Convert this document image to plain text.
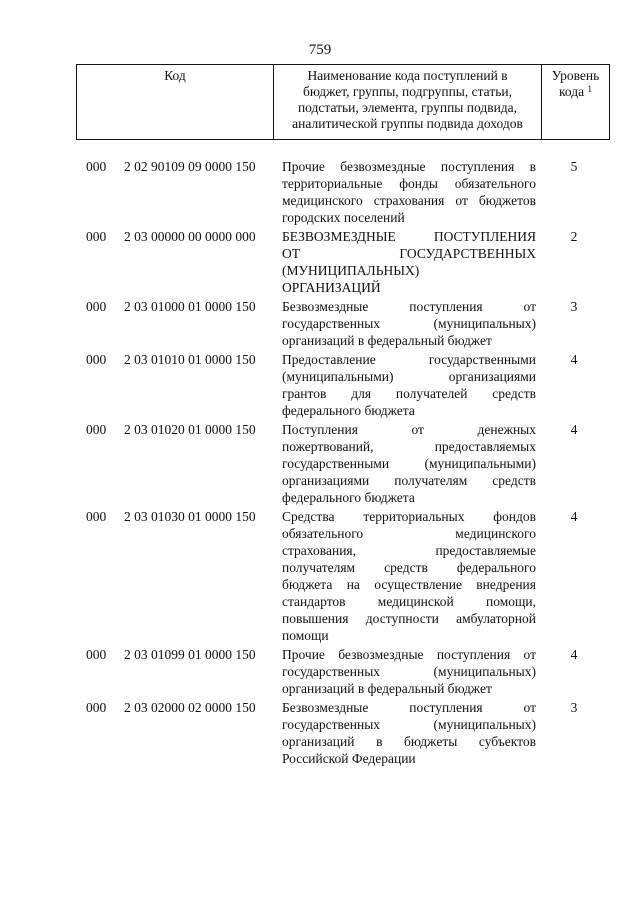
759
Код	Наименование кода поступлений в
бюджет, группы, подгруппы, статьи,
подстатьи, элемента, группы подвида,
аналитической группы подвида доходов
Уровень
кода $^1$
000	2 02 90109 09 0000 150	Прочие безвозмездные поступления в
территориальные фонды обязательного
медицинского страхования от бюджетов
городских поселений
5
000	2 03 00000 00 0000 000	БЕЗВОЗМЕЗДНЫЕ ПОСТУПЛЕНИЯ
ОТ ГОСУДАРСТВЕННЫХ
(МУНИЦИПАЛЬНЫХ)
ОРГАНИЗАЦИЙ
2
000	2 03 01000 01 0000 150	Безвозмездные поступления от
государственных (муниципальных)
организаций в федеральный бюджет
3
000	2 03 01010 01 0000 150	Предоставление государственными
(муниципальными) организациями
грантов для получателей средств
федерального бюджета
4
000	2 03 01020 01 0000 150	Поступления от денежных
пожертвований, предоставляемых
государственными (муниципальными)
организациями получателям средств
федерального бюджета
4
000	2 03 01030 01 0000 150	Средства территориальных фондов
обязательного медицинского
страхования, предоставляемые
получателям средств федерального
бюджета на осуществление внедрения
стандартов медицинской помощи,
повышения доступности амбулаторной
помощи
4
000	2 03 01099 01 0000 150	Прочие безвозмездные поступления от
государственных (муниципальных)
организаций в федеральный бюджет
4
000	2 03 02000 02 0000 150	Безвозмездные поступления от
государственных (муниципальных)
организаций в бюджеты субъектов
Российской Федерации
3
